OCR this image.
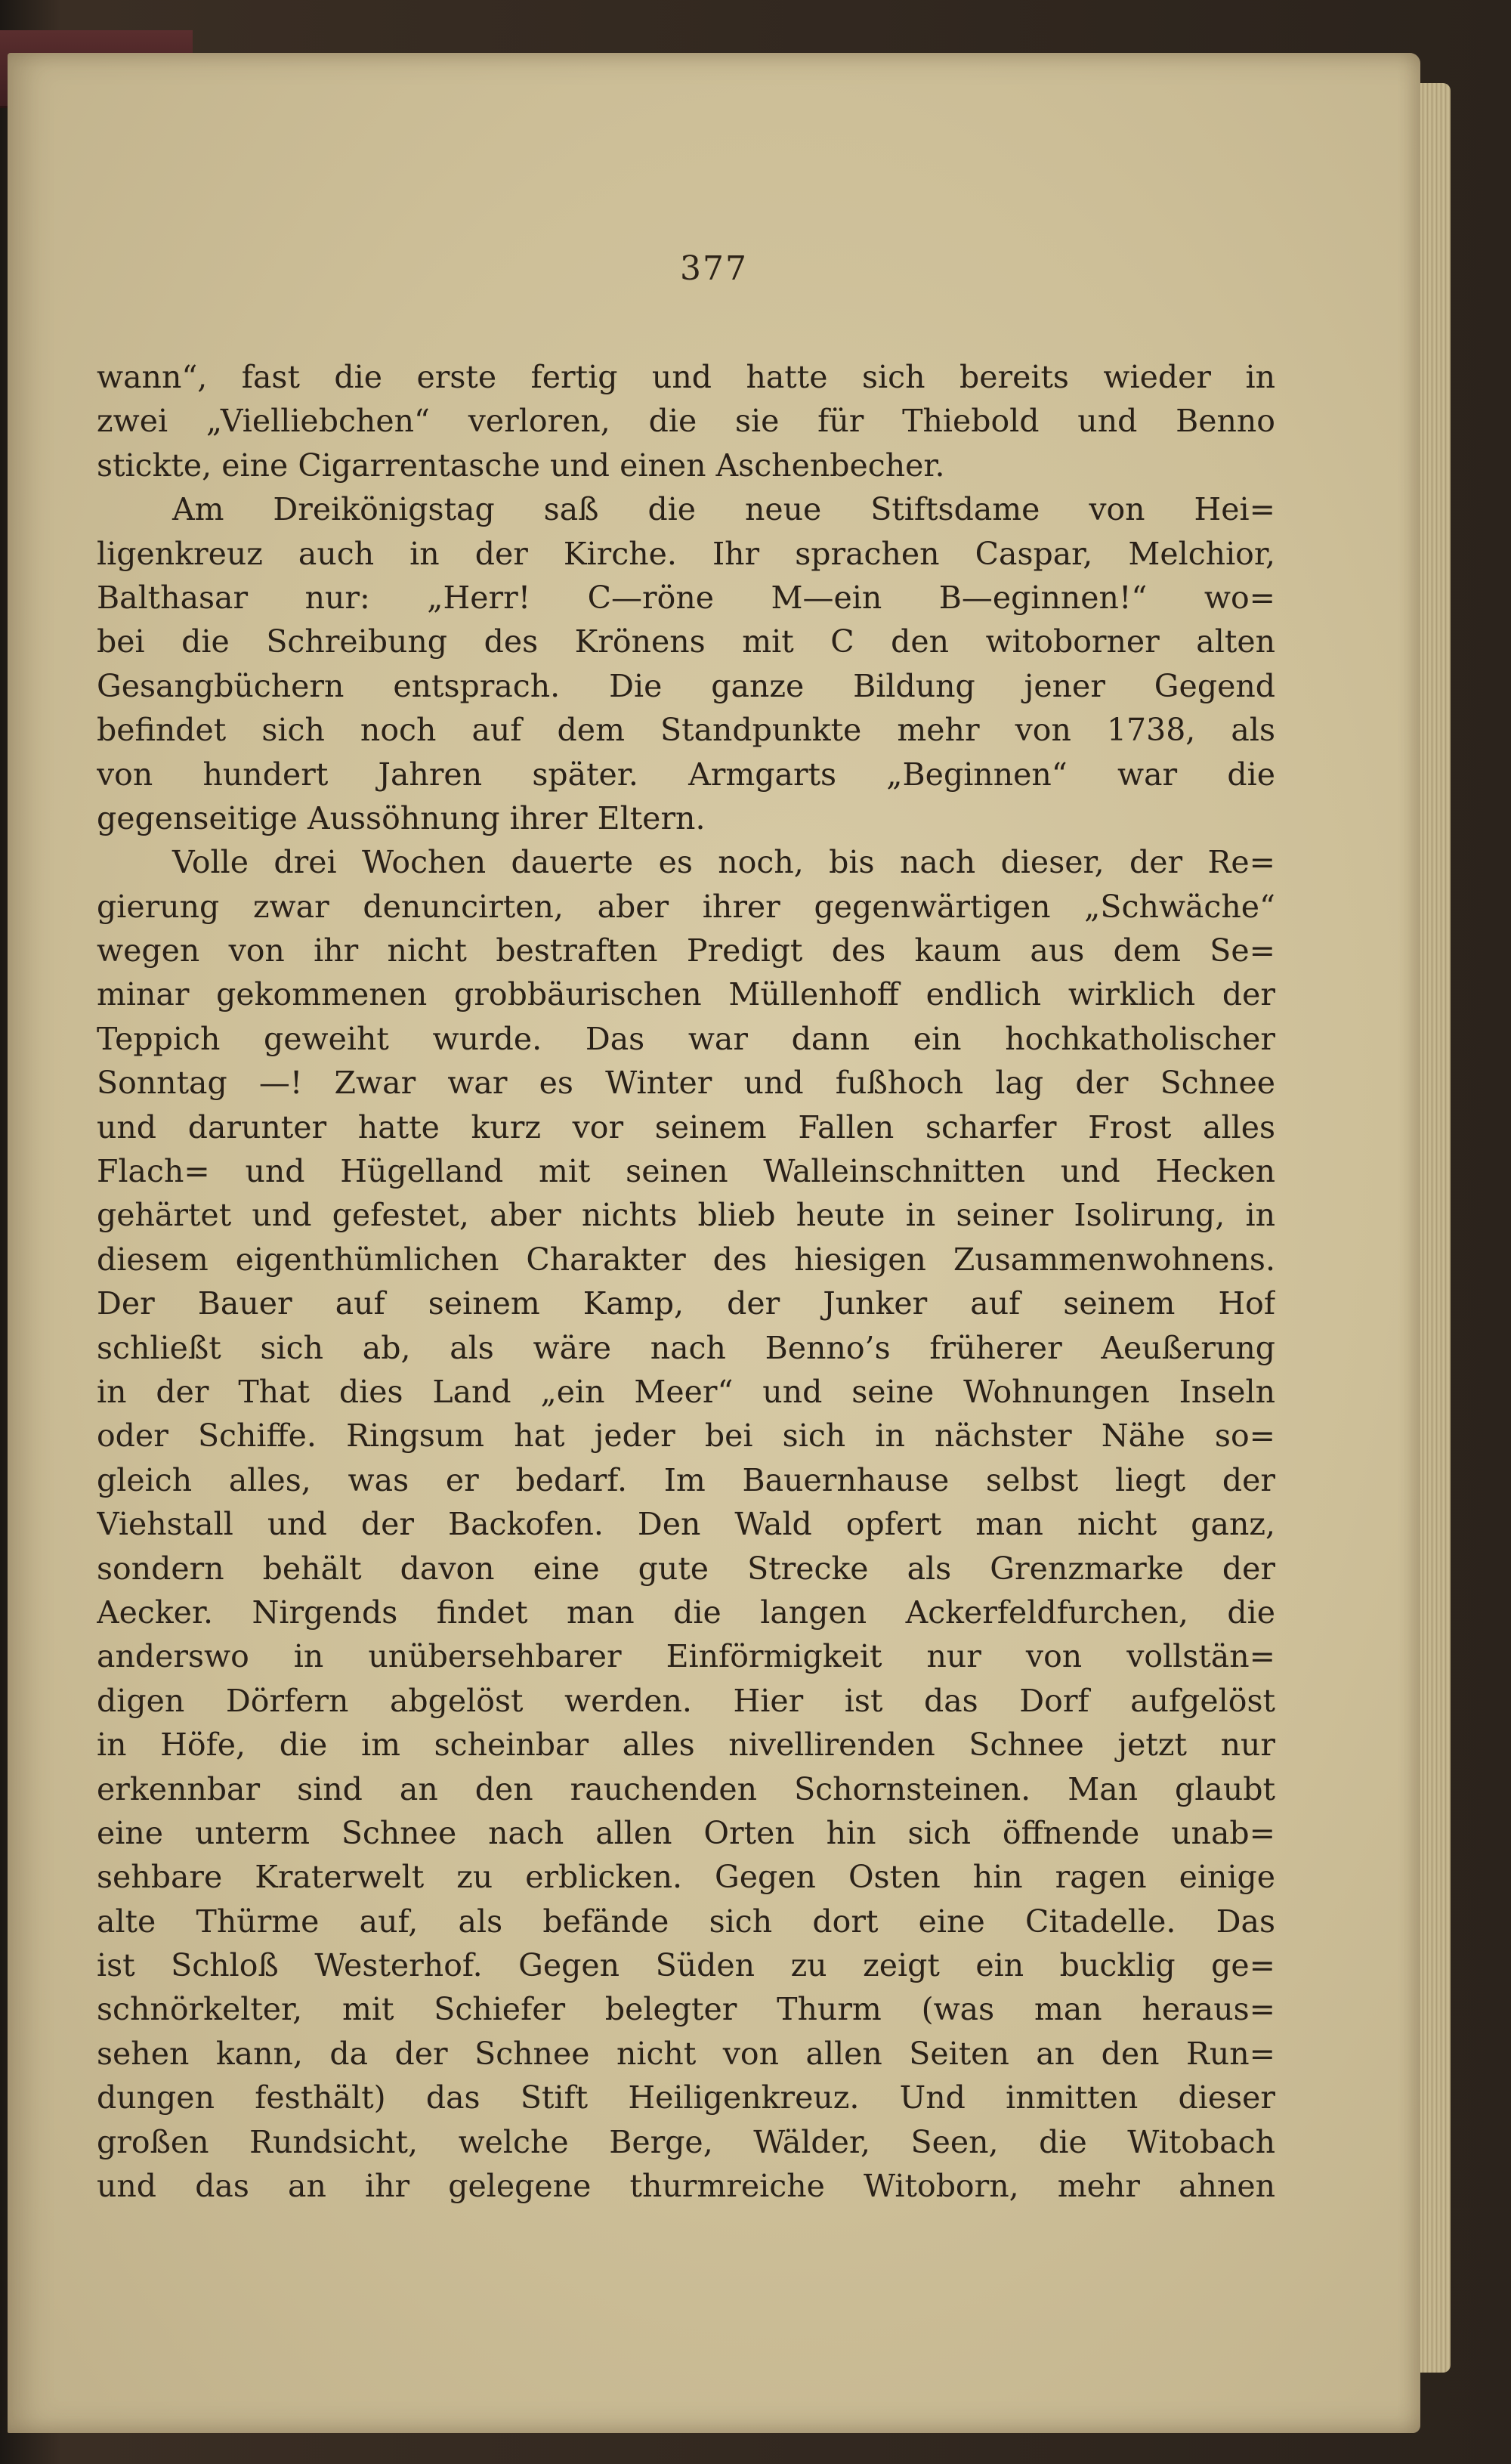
377
wann“, fast die erste fertig und hatte sich bereits wieder in
zwei „Vielliebchen“ verloren, die sie für Thiebold und Benno
stickte, eine Cigarrentasche und einen Aschenbecher.
Am Dreikönigstag saß die neue Stiftsdame von Hei=
ligenkreuz auch in der Kirche. Ihr sprachen Caspar, Melchior,
Balthasar nur: „Herr! C—röne M—ein B—eginnen!“ wo=
bei die Schreibung des Krönens mit C den witoborner alten
Gesangbüchern entsprach. Die ganze Bildung jener Gegend
befindet sich noch auf dem Standpunkte mehr von 1738, als
von hundert Jahren später. Armgarts „Beginnen“ war die
gegenseitige Aussöhnung ihrer Eltern.
Volle drei Wochen dauerte es noch, bis nach dieser, der Re=
gierung zwar denuncirten, aber ihrer gegenwärtigen „Schwäche“
wegen von ihr nicht bestraften Predigt des kaum aus dem Se=
minar gekommenen grobbäurischen Müllenhoff endlich wirklich der
Teppich geweiht wurde. Das war dann ein hochkatholischer
Sonntag —! Zwar war es Winter und fußhoch lag der Schnee
und darunter hatte kurz vor seinem Fallen scharfer Frost alles
Flach= und Hügelland mit seinen Walleinschnitten und Hecken
gehärtet und gefestet, aber nichts blieb heute in seiner Isolirung, in
diesem eigenthümlichen Charakter des hiesigen Zusammenwohnens.
Der Bauer auf seinem Kamp, der Junker auf seinem Hof
schließt sich ab, als wäre nach Benno’s früherer Aeußerung
in der That dies Land „ein Meer“ und seine Wohnungen Inseln
oder Schiffe. Ringsum hat jeder bei sich in nächster Nähe so=
gleich alles, was er bedarf. Im Bauernhause selbst liegt der
Viehstall und der Backofen. Den Wald opfert man nicht ganz,
sondern behält davon eine gute Strecke als Grenzmarke der
Aecker. Nirgends findet man die langen Ackerfeldfurchen, die
anderswo in unübersehbarer Einförmigkeit nur von vollstän=
digen Dörfern abgelöst werden. Hier ist das Dorf aufgelöst
in Höfe, die im scheinbar alles nivellirenden Schnee jetzt nur
erkennbar sind an den rauchenden Schornsteinen. Man glaubt
eine unterm Schnee nach allen Orten hin sich öffnende unab=
sehbare Kraterwelt zu erblicken. Gegen Osten hin ragen einige
alte Thürme auf, als befände sich dort eine Citadelle. Das
ist Schloß Westerhof. Gegen Süden zu zeigt ein bucklig ge=
schnörkelter, mit Schiefer belegter Thurm (was man heraus=
sehen kann, da der Schnee nicht von allen Seiten an den Run=
dungen festhält) das Stift Heiligenkreuz. Und inmitten dieser
großen Rundsicht, welche Berge, Wälder, Seen, die Witobach
und das an ihr gelegene thurmreiche Witoborn, mehr ahnen
